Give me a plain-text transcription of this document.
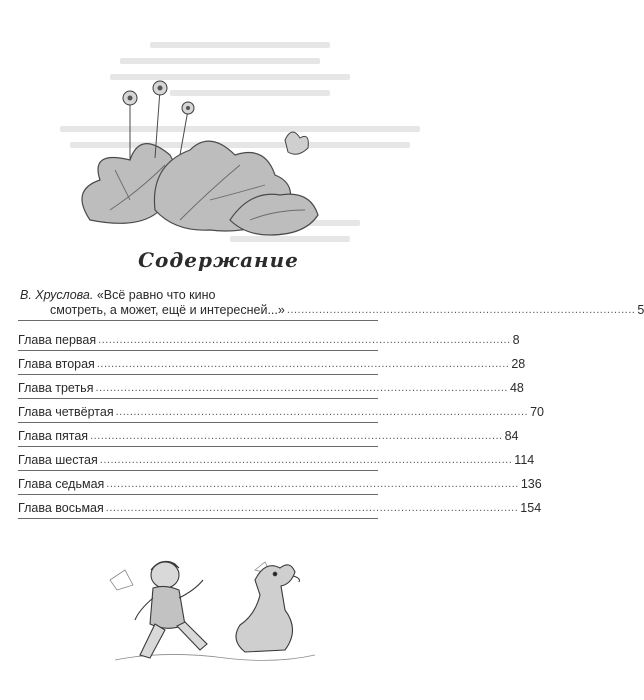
Содержание
В. Хруслова. «Всё равно что кино
смотреть, а может, ещё и интересней...» .................................................................................................. 5
Глава первая .................................................................................................................... 8
Глава вторая .................................................................................................................... 28
Глава третья .................................................................................................................... 48
Глава четвёртая .................................................................................................................... 70
Глава пятая .................................................................................................................... 84
Глава шестая .................................................................................................................... 114
Глава седьмая .................................................................................................................... 136
Глава восьмая .................................................................................................................... 154
